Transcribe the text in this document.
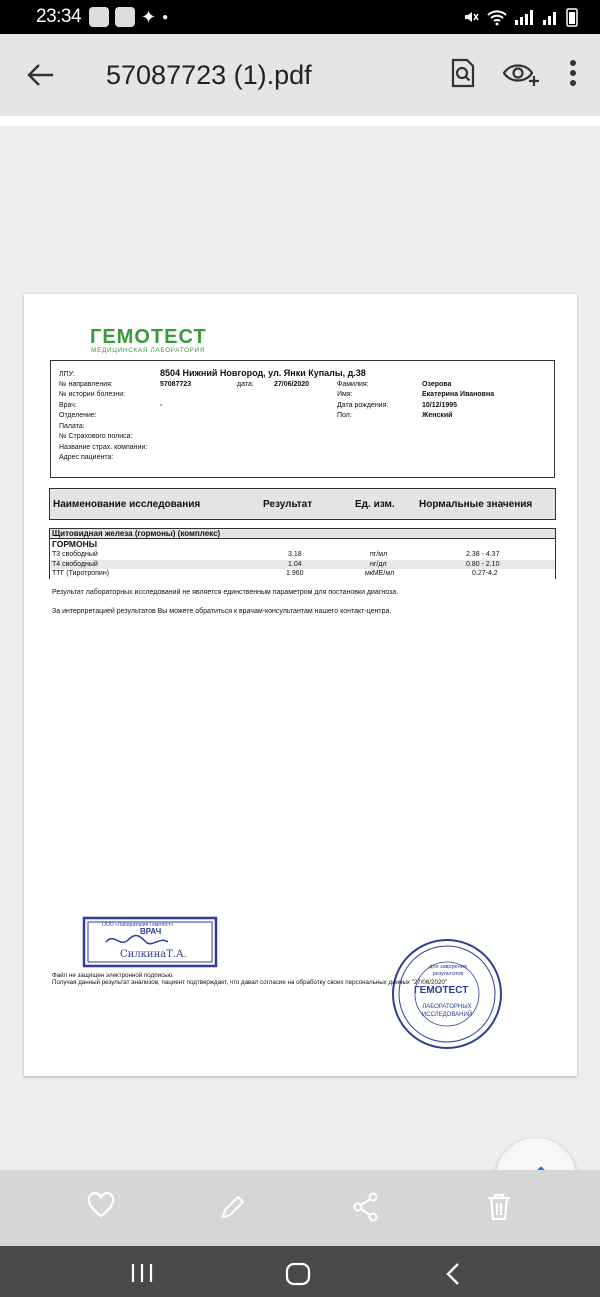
23:34	✦ ●
57087723 (1).pdf
ГЕМОТЕСТ
МЕДИЦИНСКАЯ ЛАБОРАТОРИЯ
ЛПУ:	8504 Нижний Новгород, ул. Янки Купалы, д.38
№ направления:	57087723	дата:	27/06/2020
№ истории болезни:
Врач:	-
Отделение:
Палата:
№ Страхового полиса:
Название страх. компании:
Адрес пациента:
Фамилия:	Озерова
Имя:	Екатерина Ивановна
Дата рождения:	10/12/1995
Пол:	Женский
Наименование исследования	Результат	Ед. изм. Нормальные значения
Щитовидная железа (гормоны) (комплекс)
ГОРМОНЫ
Т3 свободный	3.18	пг/мл	2.38 - 4.37
Т4 свободный	1.04	нг/дл	0.80 - 2.10
ТТГ (Тиротропин)	1.960	мкМЕ/мл	0.27-4.2
Результат лабораторных исследований не является единственным параметром для постановки диагноза.
За интерпретацией результатов Вы можете обратиться к врачам-консультантам нашего контакт-центра.
ООО «Лаборатория Гемотест»
ВРАЧ
СилкинаТ.А.
для заворения результатов
ГЕМОТЕСТ
ЛАБОРАТОРНЫХ ИССЛЕДОВАНИЙ
Файл не защищен электронной подписью.
Получая данный результат анализов, пациент подтверждает, что давал согласие на обработку своих персональных данных "27/06/2020"
